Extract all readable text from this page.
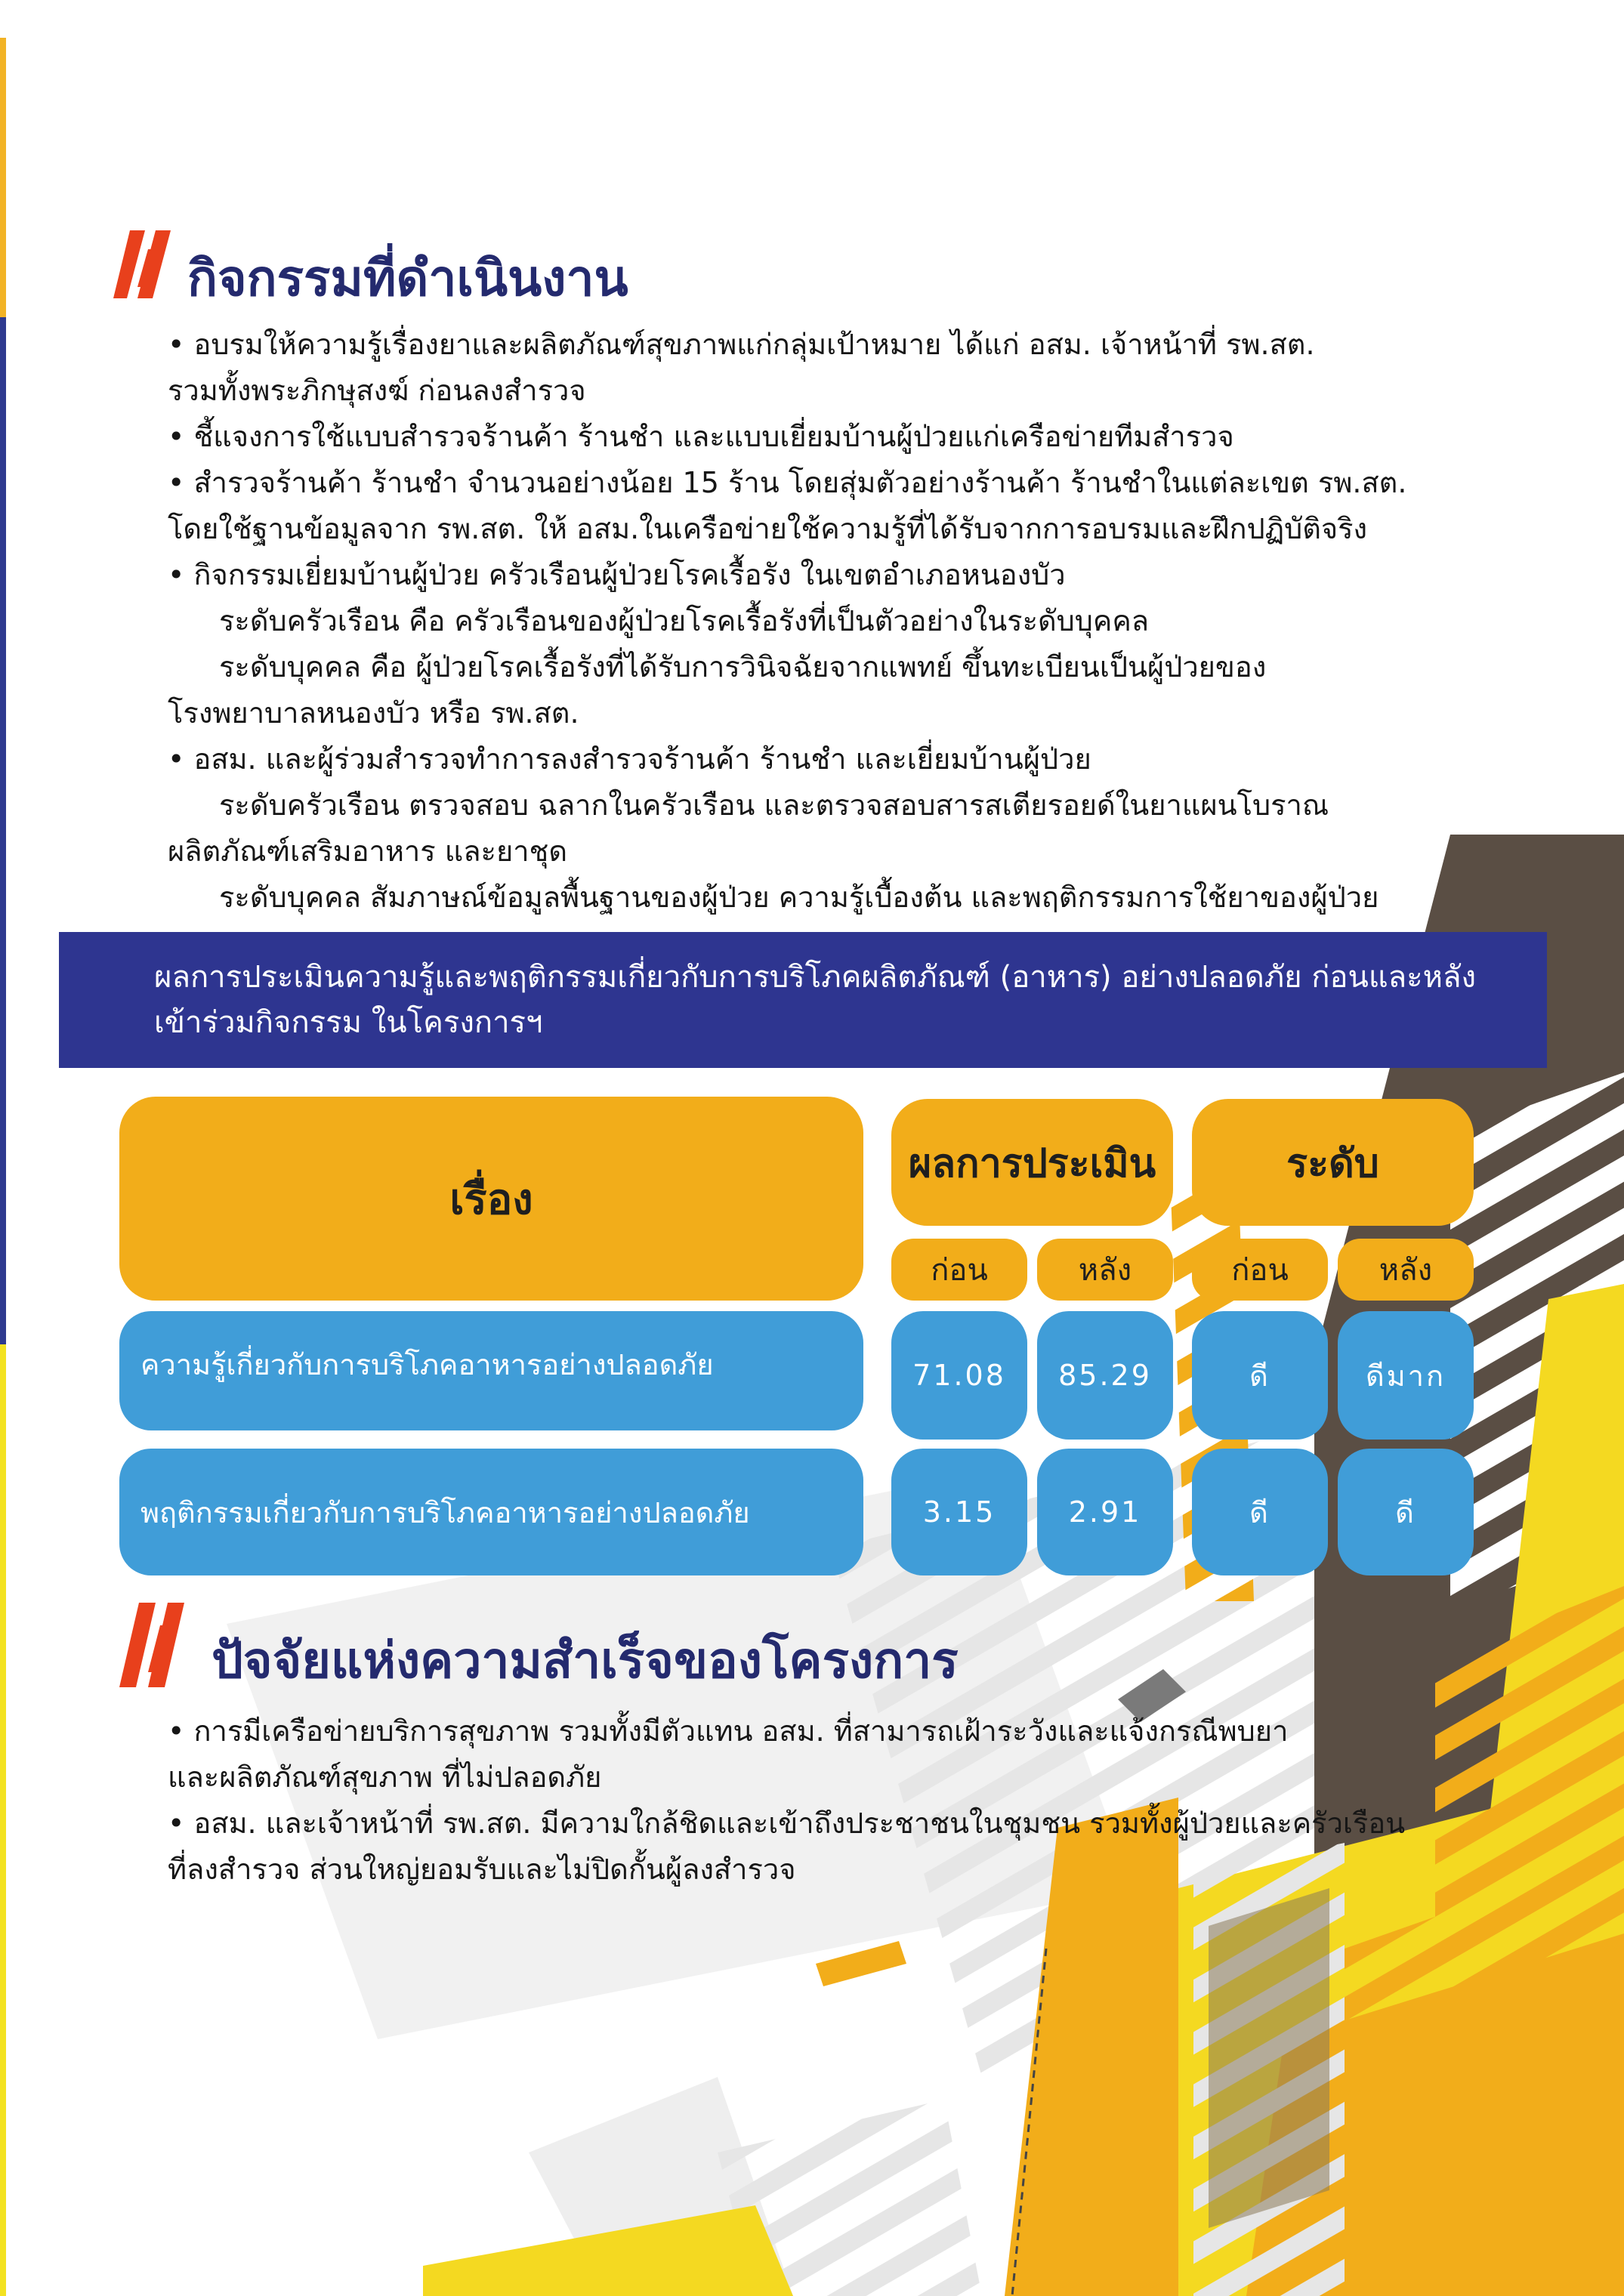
กิจกรรมที่ดำเนินงาน
• อบรมให้ความรู้เรื่องยาและผลิตภัณฑ์สุขภาพแก่กลุ่มเป้าหมาย ได้แก่ อสม. เจ้าหน้าที่ รพ.สต.
รวมทั้งพระภิกษุสงฆ์ ก่อนลงสำรวจ
• ชี้แจงการใช้แบบสำรวจร้านค้า ร้านชำ และแบบเยี่ยมบ้านผู้ป่วยแก่เครือข่ายทีมสำรวจ
• สำรวจร้านค้า ร้านชำ จำนวนอย่างน้อย 15 ร้าน โดยสุ่มตัวอย่างร้านค้า ร้านชำในแต่ละเขต รพ.สต.
โดยใช้ฐานข้อมูลจาก รพ.สต. ให้ อสม.ในเครือข่ายใช้ความรู้ที่ได้รับจากการอบรมและฝึกปฏิบัติจริง
• กิจกรรมเยี่ยมบ้านผู้ป่วย ครัวเรือนผู้ป่วยโรคเรื้อรัง ในเขตอำเภอหนองบัว
ระดับครัวเรือน คือ ครัวเรือนของผู้ป่วยโรคเรื้อรังที่เป็นตัวอย่างในระดับบุคคล
ระดับบุคคล คือ ผู้ป่วยโรคเรื้อรังที่ได้รับการวินิจฉัยจากแพทย์ ขึ้นทะเบียนเป็นผู้ป่วยของ
โรงพยาบาลหนองบัว หรือ รพ.สต.
• อสม. และผู้ร่วมสำรวจทำการลงสำรวจร้านค้า ร้านชำ และเยี่ยมบ้านผู้ป่วย
ระดับครัวเรือน ตรวจสอบ ฉลากในครัวเรือน และตรวจสอบสารสเตียรอยด์ในยาแผนโบราณ
ผลิตภัณฑ์เสริมอาหาร และยาชุด
ระดับบุคคล สัมภาษณ์ข้อมูลพื้นฐานของผู้ป่วย ความรู้เบื้องต้น และพฤติกรรมการใช้ยาของผู้ป่วย
ผลการประเมินความรู้และพฤติกรรมเกี่ยวกับการบริโภคผลิตภัณฑ์ (อาหาร) อย่างปลอดภัย ก่อนและหลัง
เข้าร่วมกิจกรรม ในโครงการฯ
เรื่อง
ผลการประเมิน	ระดับ
ก่อน	หลัง	ก่อน	หลัง
ความรู้เกี่ยวกับการบริโภคอาหารอย่างปลอดภัย	71.08	85.29	ดี	ดีมาก
พฤติกรรมเกี่ยวกับการบริโภคอาหารอย่างปลอดภัย	3.15	2.91	ดี	ดี
ปัจจัยแห่งความสำเร็จของโครงการ
• การมีเครือข่ายบริการสุขภาพ รวมทั้งมีตัวแทน อสม. ที่สามารถเฝ้าระวังและแจ้งกรณีพบยา
และผลิตภัณฑ์สุขภาพ ที่ไม่ปลอดภัย
• อสม. และเจ้าหน้าที่ รพ.สต. มีความใกล้ชิดและเข้าถึงประชาชนในชุมชน รวมทั้งผู้ป่วยและครัวเรือน
ที่ลงสำรวจ ส่วนใหญ่ยอมรับและไม่ปิดกั้นผู้ลงสำรวจ
